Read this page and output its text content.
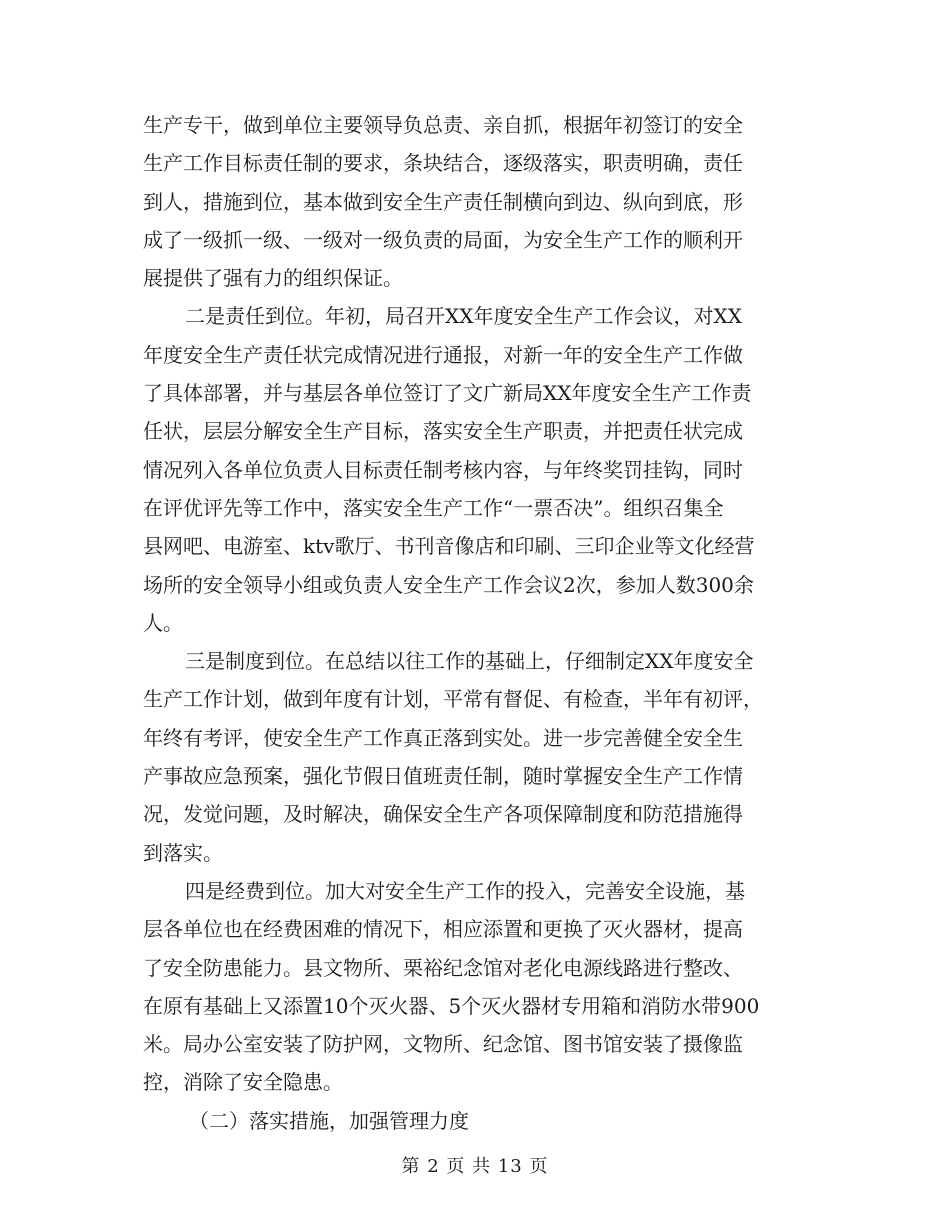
生产专干，做到单位主要领导负总责、亲自抓，根据年初签订的安全
生产工作目标责任制的要求，条块结合，逐级落实，职责明确，责任
到人，措施到位，基本做到安全生产责任制横向到边、纵向到底，形
成了一级抓一级、一级对一级负责的局面，为安全生产工作的顺利开
展提供了强有力的组织保证。
二是责任到位。年初，局召开XX年度安全生产工作会议，对XX
年度安全生产责任状完成情况进行通报，对新一年的安全生产工作做
了具体部署，并与基层各单位签订了文广新局XX年度安全生产工作责
任状，层层分解安全生产目标，落实安全生产职责，并把责任状完成
情况列入各单位负责人目标责任制考核内容，与年终奖罚挂钩，同时
在评优评先等工作中，落实安全生产工作“一票否决”。组织召集全
县网吧、电游室、ktv歌厅、书刊音像店和印刷、三印企业等文化经营
场所的安全领导小组或负责人安全生产工作会议2次，参加人数300余
人。
三是制度到位。在总结以往工作的基础上，仔细制定XX年度安全
生产工作计划，做到年度有计划，平常有督促、有检查，半年有初评，
年终有考评，使安全生产工作真正落到实处。进一步完善健全安全生
产事故应急预案，强化节假日值班责任制，随时掌握安全生产工作情
况，发觉问题，及时解决，确保安全生产各项保障制度和防范措施得
到落实。
四是经费到位。加大对安全生产工作的投入，完善安全设施，基
层各单位也在经费困难的情况下，相应添置和更换了灭火器材，提高
了安全防患能力。县文物所、栗裕纪念馆对老化电源线路进行整改、
在原有基础上又添置10个灭火器、5个灭火器材专用箱和消防水带900
米。局办公室安装了防护网，文物所、纪念馆、图书馆安装了摄像监
控，消除了安全隐患。
（二）落实措施，加强管理力度
第 2 页 共 13 页
